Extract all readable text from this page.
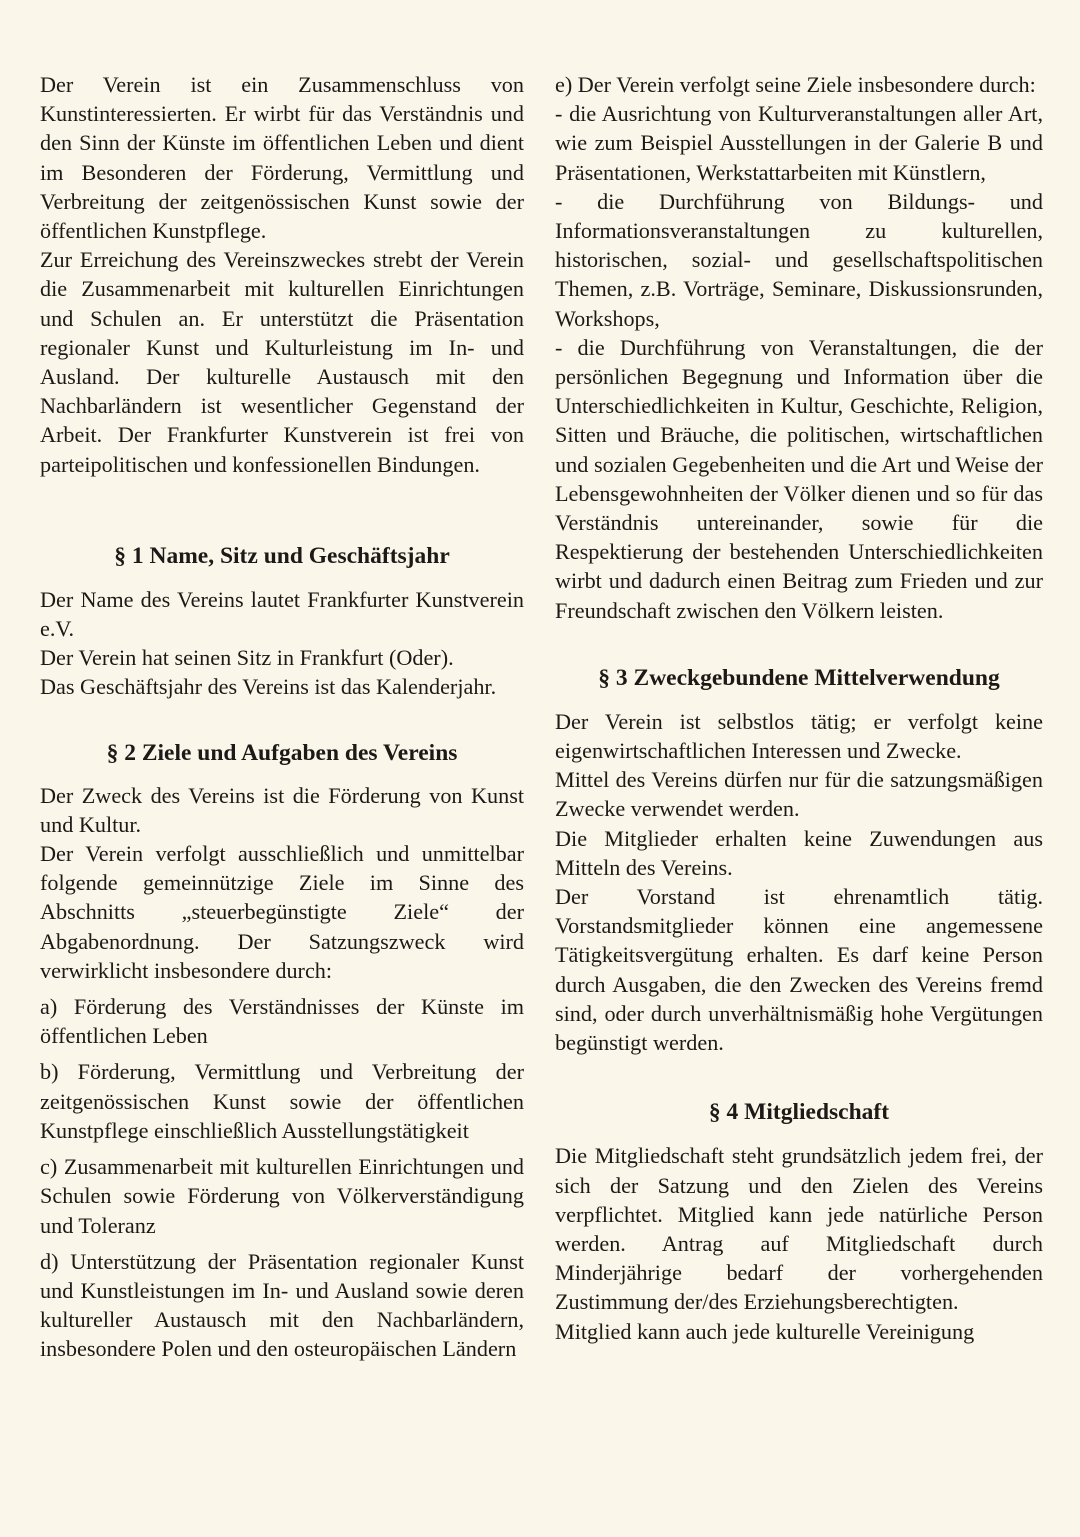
Der Verein ist ein Zusammenschluss von Kunstinteressierten. Er wirbt für das Verständnis und den Sinn der Künste im öffentlichen Leben und dient im Besonderen der Förderung, Vermittlung und Verbreitung der zeitgenössischen Kunst sowie der öffentlichen Kunstpflege.

Zur Erreichung des Vereinszweckes strebt der Verein die Zusammenarbeit mit kulturellen Einrichtungen und Schulen an. Er unterstützt die Präsentation regionaler Kunst und Kulturleistung im In- und Ausland. Der kulturelle Austausch mit den Nachbarländern ist wesentlicher Gegenstand der Arbeit. Der Frankfurter Kunstverein ist frei von parteipolitischen und konfessionellen Bindungen.

§ 1 Name, Sitz und Geschäftsjahr

Der Name des Vereins lautet Frankfurter Kunstverein e.V.

Der Verein hat seinen Sitz in Frankfurt (Oder).

Das Geschäftsjahr des Vereins ist das Kalenderjahr.

§ 2 Ziele und Aufgaben des Vereins

Der Zweck des Vereins ist die Förderung von Kunst und Kultur.

Der Verein verfolgt ausschließlich und unmittelbar folgende gemeinnützige Ziele im Sinne des Abschnitts „steuerbegünstigte Ziele“ der Abgabenordnung. Der Satzungszweck wird verwirklicht insbesondere durch:

a) Förderung des Verständnisses der Künste im öffentlichen Leben

b) Förderung, Vermittlung und Verbreitung der zeitgenössischen Kunst sowie der öffentlichen Kunstpflege einschließlich Ausstellungstätigkeit

c) Zusammenarbeit mit kulturellen Einrichtungen und Schulen sowie Förderung von Völkerverständigung und Toleranz

d) Unterstützung der Präsentation regionaler Kunst und Kunstleistungen im In- und Ausland sowie deren kultureller Austausch mit den Nachbarländern, insbesondere Polen und den osteuropäischen Ländern

e) Der Verein verfolgt seine Ziele insbesondere durch:

- die Ausrichtung von Kulturveranstaltungen aller Art, wie zum Beispiel Ausstellungen in der Galerie B und Präsentationen, Werkstattarbeiten mit Künstlern,

- die Durchführung von Bildungs- und Informationsveranstaltungen zu kulturellen, historischen, sozial- und gesellschaftspolitischen Themen, z.B. Vorträge, Seminare, Diskussionsrunden, Workshops,

- die Durchführung von Veranstaltungen, die der persönlichen Begegnung und Information über die Unterschiedlichkeiten in Kultur, Geschichte, Religion, Sitten und Bräuche, die politischen, wirtschaftlichen und sozialen Gegebenheiten und die Art und Weise der Lebensgewohnheiten der Völker dienen und so für das Verständnis untereinander, sowie für die Respektierung der bestehenden Unterschiedlichkeiten wirbt und dadurch einen Beitrag zum Frieden und zur Freundschaft zwischen den Völkern leisten.

§ 3 Zweckgebundene Mittelverwendung

Der Verein ist selbstlos tätig; er verfolgt keine eigenwirtschaftlichen Interessen und Zwecke.

Mittel des Vereins dürfen nur für die satzungsmäßigen Zwecke verwendet werden.

Die Mitglieder erhalten keine Zuwendungen aus Mitteln des Vereins.

Der Vorstand ist ehrenamtlich tätig. Vorstandsmitglieder können eine angemessene Tätigkeitsvergütung erhalten. Es darf keine Person durch Ausgaben, die den Zwecken des Vereins fremd sind, oder durch unverhältnismäßig hohe Vergütungen begünstigt werden.

§ 4 Mitgliedschaft

Die Mitgliedschaft steht grundsätzlich jedem frei, der sich der Satzung und den Zielen des Vereins verpflichtet. Mitglied kann jede natürliche Person werden. Antrag auf Mitgliedschaft durch Minderjährige bedarf der vorhergehenden Zustimmung der/des Erziehungsberechtigten.

Mitglied kann auch jede kulturelle Vereinigung
